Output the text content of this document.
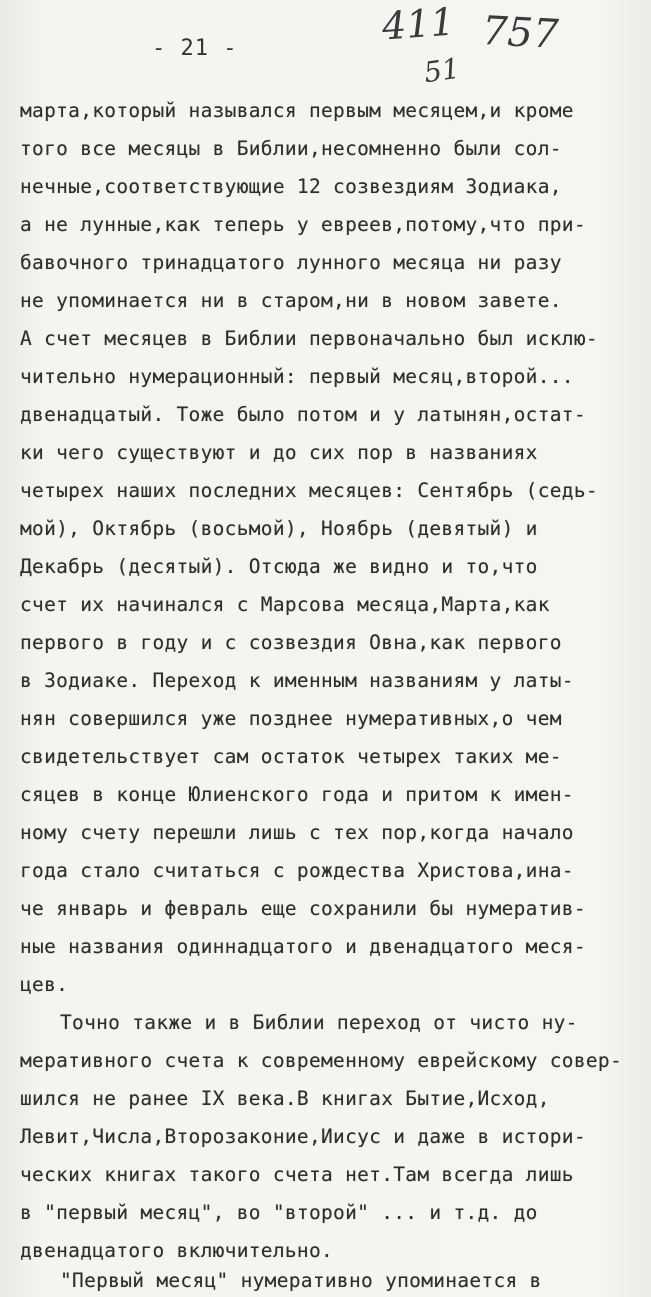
- 21 -
411 757
51
марта,который назывался первым месяцем,и кроме
того все месяцы в Библии,несомненно были сол-
нечные,соответствующие 12 созвездиям Зодиака,
а не лунные,как теперь у евреев,потому,что при-
бавочного тринадцатого лунного месяца ни разу
не упоминается ни в старом,ни в новом завете.
А счет месяцев в Библии первоначально был исклю-
чительно нумерационный: первый месяц,второй...
двенадцатый. Тоже было потом и у латынян,остат-
ки чего существуют и до сих пор в названиях
четырех наших последних месяцев: Сентябрь (седь-
мой), Октябрь (восьмой), Ноябрь (девятый) и
Декабрь (десятый). Отсюда же видно и то,что
счет их начинался с Марсова месяца,Марта,как
первого в году и с созвездия Овна,как первого
в Зодиаке. Переход к именным названиям у латы-
нян совершился уже позднее нумеративных,о чем
свидетельствует сам остаток четырех таких ме-
сяцев в конце Юлиенского года и притом к имен-
ному счету перешли лишь с тех пор,когда начало
года стало считаться с рождества Христова,ина-
че январь и февраль еще сохранили бы нумератив-
ные названия одиннадцатого и двенадцатого меся-
цев.
Точно также и в Библии переход от чисто ну-
меративного счета к современному еврейскому совер-
шился не ранее IX века.В книгах Бытие,Исход,
Левит,Числа,Второзаконие,Иисус и даже в истори-
ческих книгах такого счета нет.Там всегда лишь
в "первый месяц", во "второй" ... и т.д. до
двенадцатого включительно.
"Первый месяц" нумеративно упоминается в
